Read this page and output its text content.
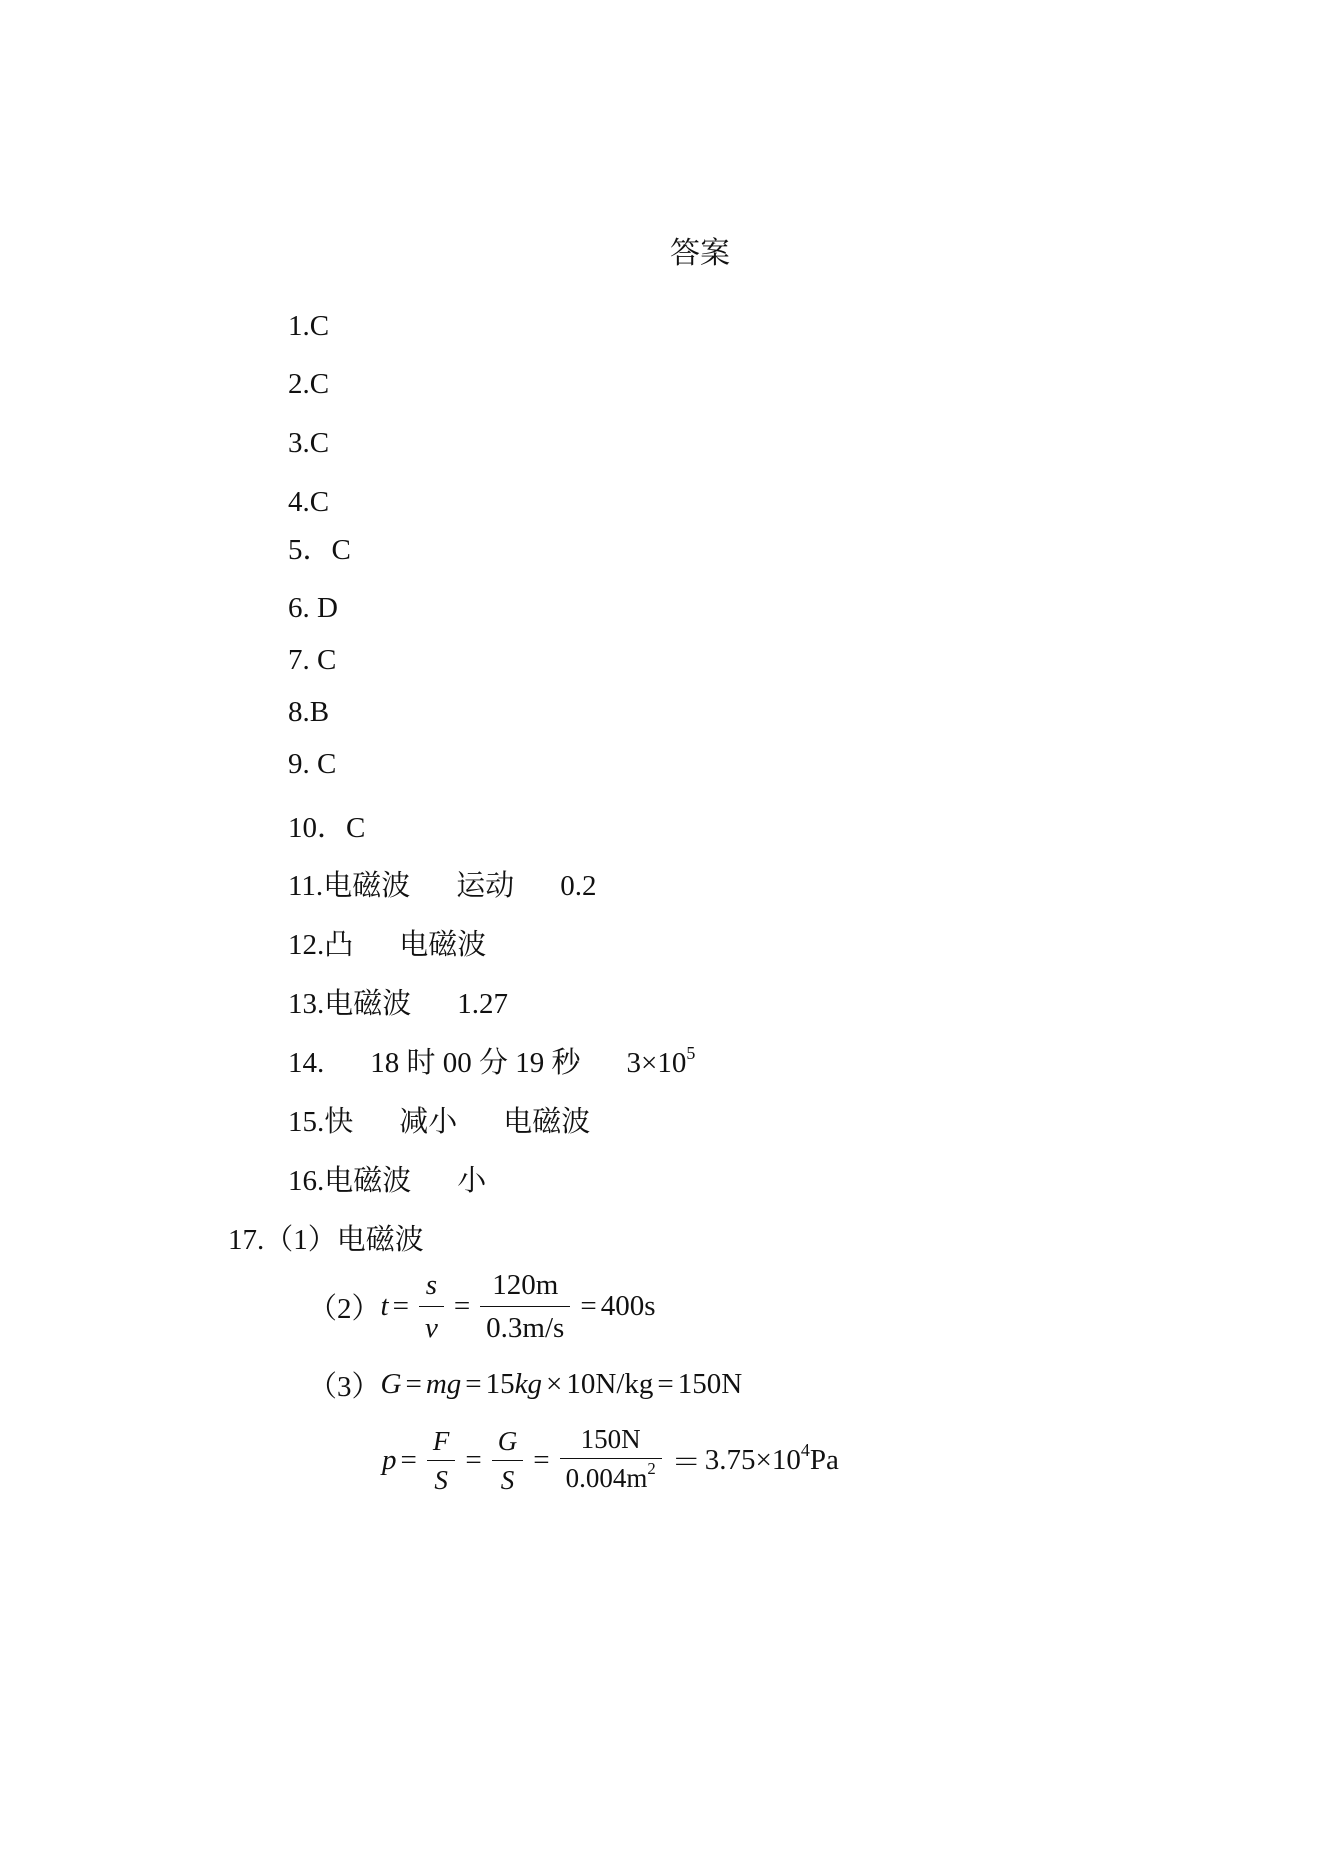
答案
1.C
2.C
3.C
4.C
5．C
6. D
7. C
8.B
9. C
10．C
11.电磁波 运动 0.2
12.凸 电磁波
13.电磁波 1.27
14. 18 时 00 分 19 秒 $3\times 10^5$
15.快 减小 电磁波
16.电磁波 小
17.（1）电磁波
（2） $t = \frac{s}{v} = \frac{120m}{0.3m/s} = 400s$
（3） G = mg = 15 kg × 10N/kg = 150N
$p = \frac{F}{S} = \frac{G}{S} = \frac{150N}{0.004m^2} = 3.75\times 10^4Pa$
